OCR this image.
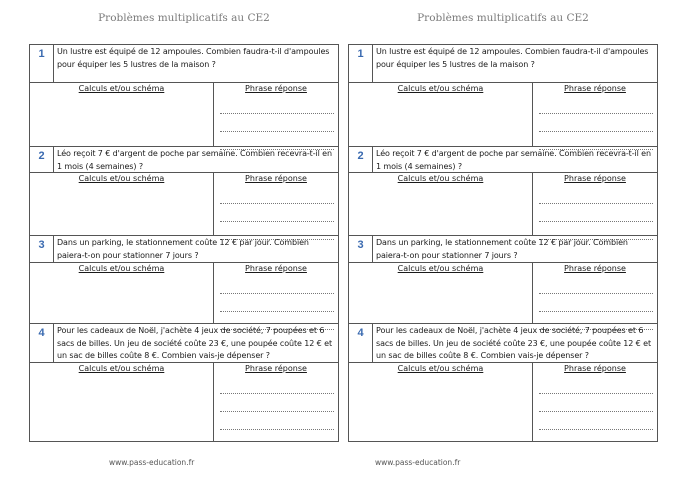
Problèmes multiplicatifs au CE2
1	Un lustre est équipé de 12 ampoules. Combien faudra-t-il d'ampoules pour équiper les 5 lustres de la maison ?
Calculs et/ou schéma	Phrase réponse
2	Léo reçoit 7 € d'argent de poche par semaine. Combien recevra-t-il en 1 mois (4 semaines) ?
Calculs et/ou schéma	Phrase réponse
3	Dans un parking, le stationnement coûte 12 € par jour. Combien paiera-t-on pour stationner 7 jours ?
Calculs et/ou schéma	Phrase réponse
4	Pour les cadeaux de Noël, j'achète 4 jeux de société, 7 poupées et 6 sacs de billes. Un jeu de société coûte 23 €, une poupée coûte 12 € et un sac de billes coûte 8 €. Combien vais-je dépenser ?
Calculs et/ou schéma	Phrase réponse
www.pass-education.fr
Problèmes multiplicatifs au CE2
1	Un lustre est équipé de 12 ampoules. Combien faudra-t-il d'ampoules pour équiper les 5 lustres de la maison ?
Calculs et/ou schéma	Phrase réponse
2	Léo reçoit 7 € d'argent de poche par semaine. Combien recevra-t-il en 1 mois (4 semaines) ?
Calculs et/ou schéma	Phrase réponse
3	Dans un parking, le stationnement coûte 12 € par jour. Combien paiera-t-on pour stationner 7 jours ?
Calculs et/ou schéma	Phrase réponse
4	Pour les cadeaux de Noël, j'achète 4 jeux de société, 7 poupées et 6 sacs de billes. Un jeu de société coûte 23 €, une poupée coûte 12 € et un sac de billes coûte 8 €. Combien vais-je dépenser ?
Calculs et/ou schéma	Phrase réponse
www.pass-education.fr
